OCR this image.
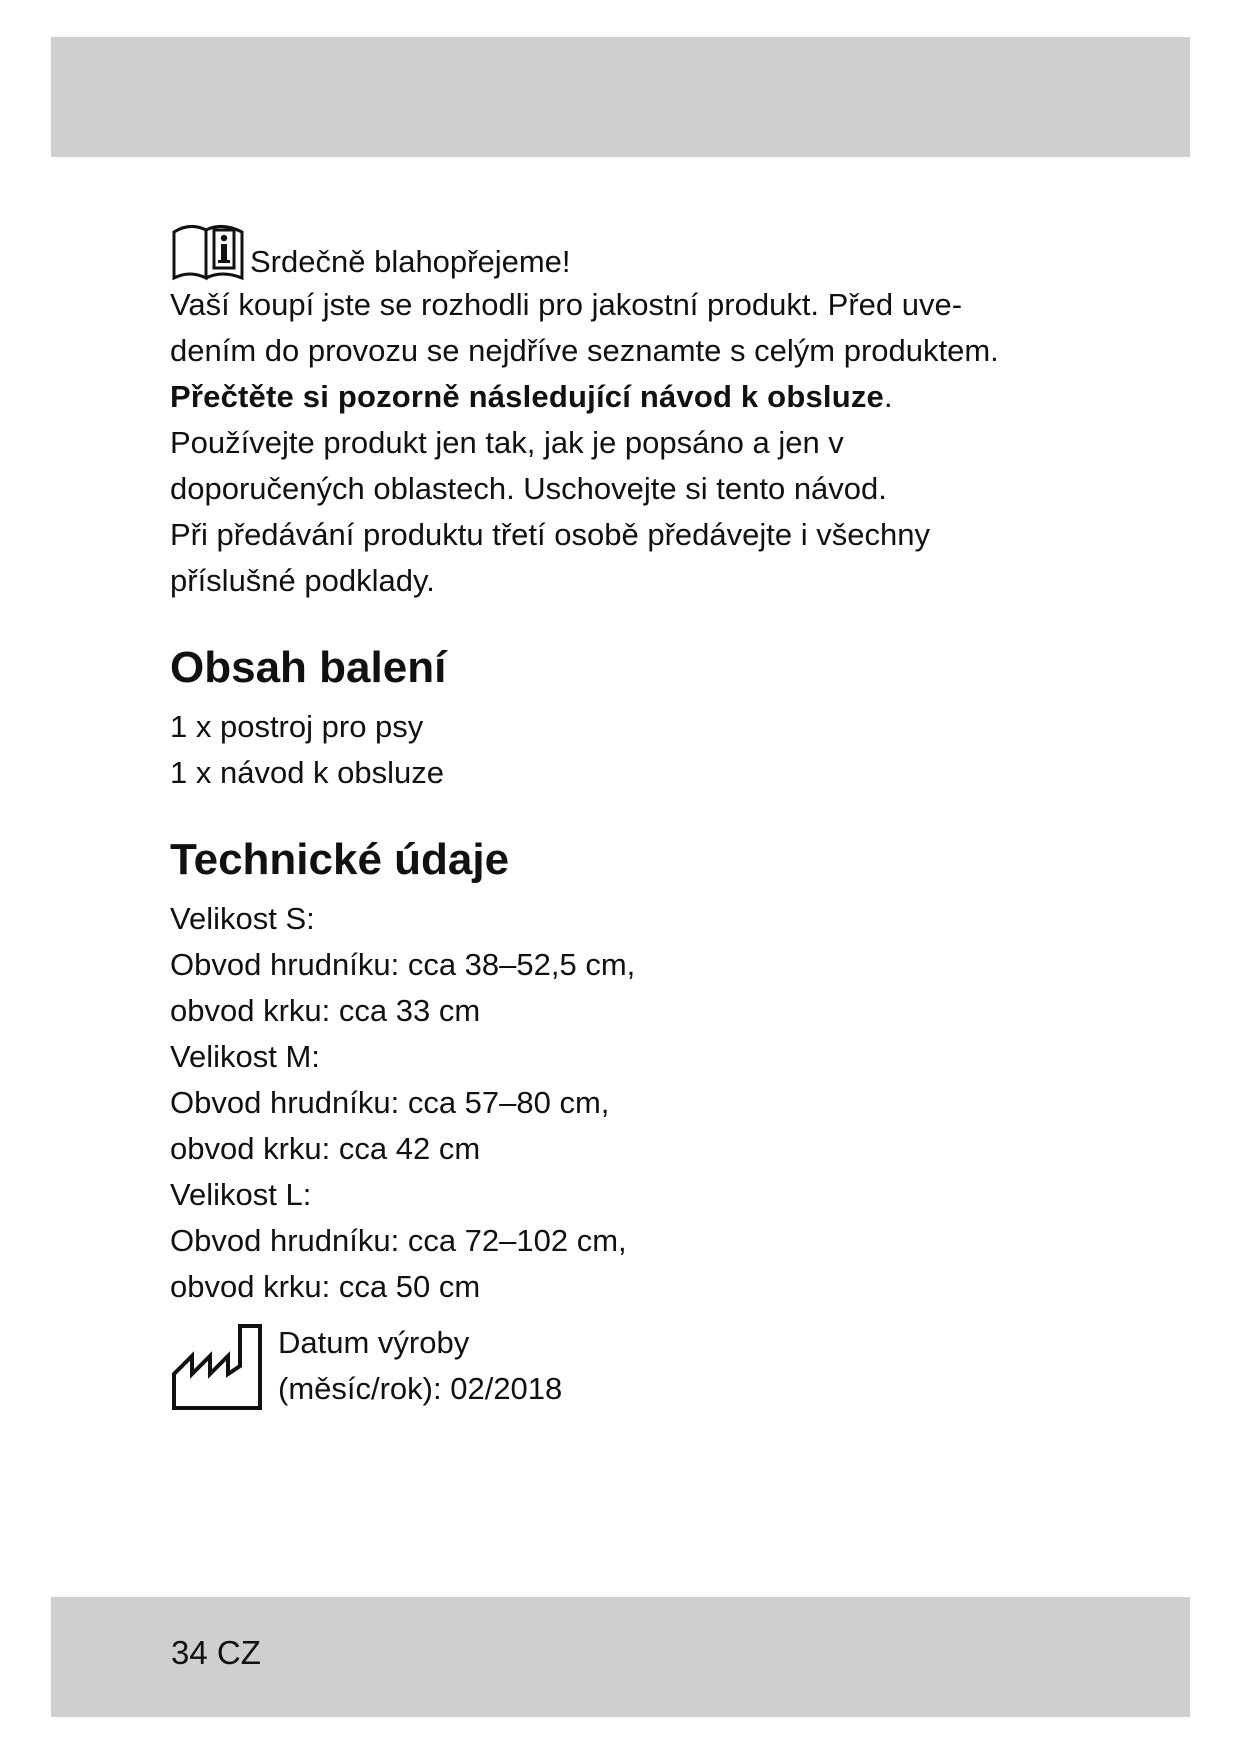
Srdečně blahopřejeme!
Vaší koupí jste se rozhodli pro jakostní produkt. Před uve-
dením do provozu se nejdříve seznamte s celým produktem.
Přečtěte si pozorně následující návod k obsluze.
Používejte produkt jen tak, jak je popsáno a jen v
doporučených oblastech. Uschovejte si tento návod.
Při předávání produktu třetí osobě předávejte i všechny
příslušné podklady.
Obsah balení
1 x postroj pro psy
1 x návod k obsluze
Technické údaje
Velikost S:
Obvod hrudníku: cca 38–52,5 cm,
obvod krku: cca 33 cm
Velikost M:
Obvod hrudníku: cca 57–80 cm,
obvod krku: cca 42 cm
Velikost L:
Obvod hrudníku: cca 72–102 cm,
obvod krku: cca 50 cm
Datum výroby
(měsíc/rok): 02/2018
34 CZ
